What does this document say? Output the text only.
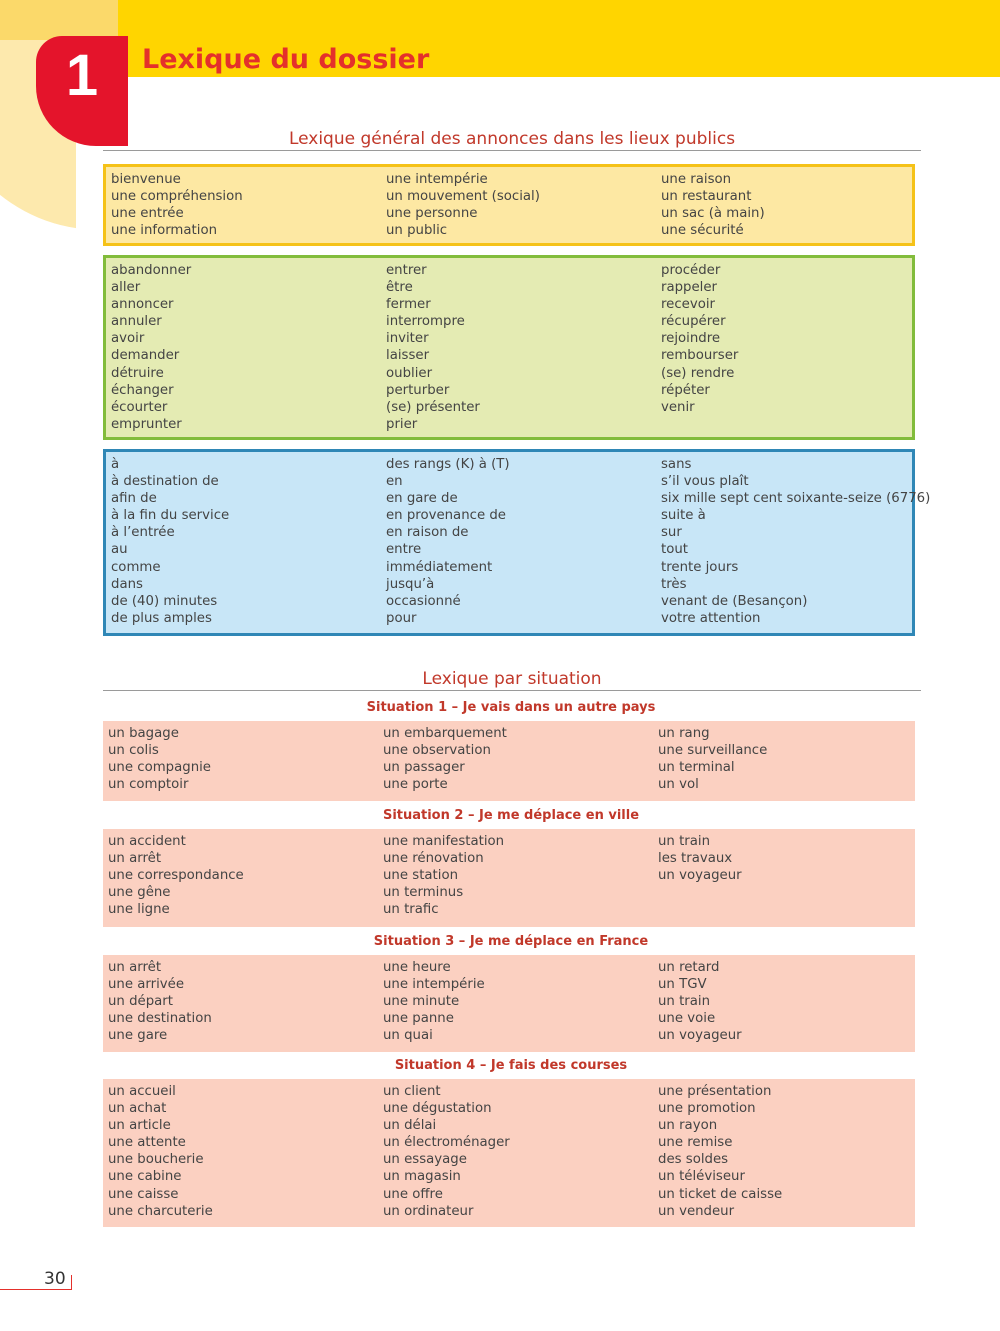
1	Lexique du dossier
Lexique général des annonces dans les lieux publics
bienvenue
une compréhension
une entrée
une information
une intempérie
un mouvement (social)
une personne
un public
une raison
un restaurant
un sac (à main)
une sécurité
abandonner
aller
annoncer
annuler
avoir
demander
détruire
échanger
écourter
emprunter
entrer
être
fermer
interrompre
inviter
laisser
oublier
perturber
(se) présenter
prier
procéder
rappeler
recevoir
récupérer
rejoindre
rembourser
(se) rendre
répéter
venir
à
à destination de
afin de
à la fin du service
à l’entrée
au
comme
dans
de (40) minutes
de plus amples
des rangs (K) à (T)
en
en gare de
en provenance de
en raison de
entre
immédiatement
jusqu’à
occasionné
pour
sans
s’il vous plaît
six mille sept cent soixante-seize (6776)
suite à
sur
tout
trente jours
très
venant de (Besançon)
votre attention
Lexique par situation
Situation 1 – Je vais dans un autre pays
un bagage
un colis
une compagnie
un comptoir
un embarquement
une observation
un passager
une porte
un rang
une surveillance
un terminal
un vol
Situation 2 – Je me déplace en ville
un accident
un arrêt
une correspondance
une gêne
une ligne
une manifestation
une rénovation
une station
un terminus
un trafic
un train
les travaux
un voyageur
Situation 3 – Je me déplace en France
un arrêt
une arrivée
un départ
une destination
une gare
une heure
une intempérie
une minute
une panne
un quai
un retard
un TGV
un train
une voie
un voyageur
Situation 4 – Je fais des courses
un accueil
un achat
un article
une attente
une boucherie
une cabine
une caisse
une charcuterie
un client
une dégustation
un délai
un électroménager
un essayage
un magasin
une offre
un ordinateur
une présentation
une promotion
un rayon
une remise
des soldes
un téléviseur
un ticket de caisse
un vendeur
30
